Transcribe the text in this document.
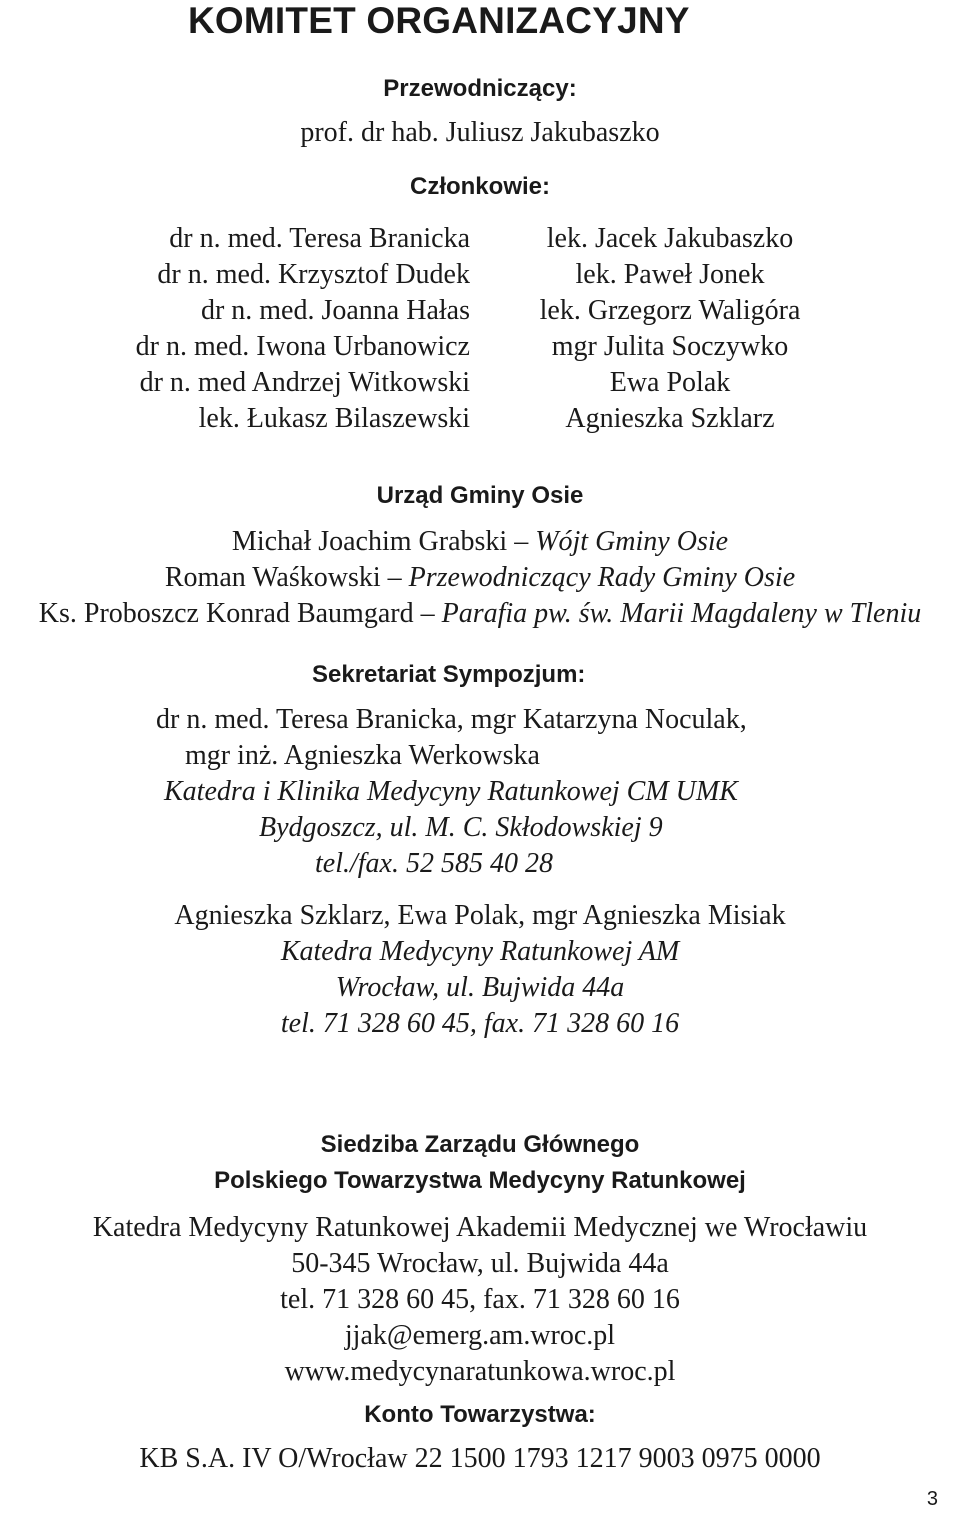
KOMITET ORGANIZACYJNY
Przewodniczący:
prof. dr hab. Juliusz Jakubaszko
Członkowie:
dr n. med. Teresa Branicka
dr n. med. Krzysztof Dudek
dr n. med. Joanna Hałas
dr n. med. Iwona Urbanowicz
dr n. med Andrzej Witkowski
lek. Łukasz Bilaszewski
lek. Jacek Jakubaszko
lek. Paweł Jonek
lek. Grzegorz Waligóra
mgr Julita Soczywko
Ewa Polak
Agnieszka Szklarz
Urząd Gminy Osie
Michał Joachim Grabski – Wójt Gminy Osie
Roman Waśkowski – Przewodniczący Rady Gminy Osie
Ks. Proboszcz Konrad Baumgard – Parafia pw. św. Marii Magdaleny w Tleniu
Sekretariat Sympozjum:
dr n. med. Teresa Branicka, mgr Katarzyna Noculak,
mgr inż. Agnieszka Werkowska
Katedra i Klinika Medycyny Ratunkowej CM UMK
Bydgoszcz, ul. M. C. Skłodowskiej 9
tel./fax. 52 585 40 28
Agnieszka Szklarz, Ewa Polak, mgr Agnieszka Misiak
Katedra Medycyny Ratunkowej AM
Wrocław, ul. Bujwida 44a
tel. 71 328 60 45, fax. 71 328 60 16
Siedziba Zarządu Głównego
Polskiego Towarzystwa Medycyny Ratunkowej
Katedra Medycyny Ratunkowej Akademii Medycznej we Wrocławiu
50-345 Wrocław, ul. Bujwida 44a
tel. 71 328 60 45, fax. 71 328 60 16
jjak@emerg.am.wroc.pl
www.medycynaratunkowa.wroc.pl
Konto Towarzystwa:
KB S.A. IV O/Wrocław 22 1500 1793 1217 9003 0975 0000
3
